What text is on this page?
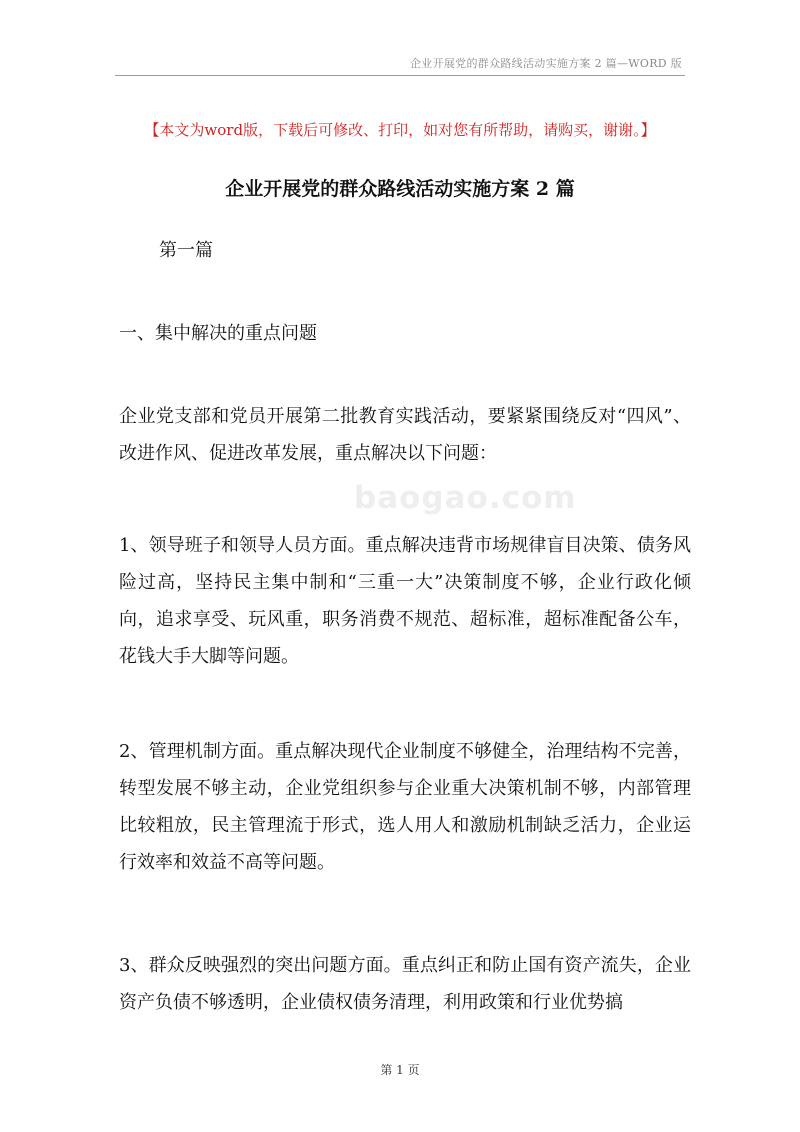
企业开展党的群众路线活动实施方案 2 篇—WORD 版
【本文为word版，下载后可修改、打印，如对您有所帮助，请购买，谢谢。】
企业开展党的群众路线活动实施方案 2 篇

第一篇

一、集中解决的重点问题

企业党支部和党员开展第二批教育实践活动，要紧紧围绕反对“四风”、改进作风、促进改革发展，重点解决以下问题：

baogao.com

1、领导班子和领导人员方面。重点解决违背市场规律盲目决策、债务风险过高，坚持民主集中制和“三重一大”决策制度不够，企业行政化倾向，追求享受、玩风重，职务消费不规范、超标准，超标准配备公车，花钱大手大脚等问题。

2、管理机制方面。重点解决现代企业制度不够健全，治理结构不完善，转型发展不够主动，企业党组织参与企业重大决策机制不够，内部管理比较粗放，民主管理流于形式，选人用人和激励机制缺乏活力，企业运行效率和效益不高等问题。

3、群众反映强烈的突出问题方面。重点纠正和防止国有资产流失，企业资产负债不够透明，企业债权债务清理，利用政策和行业优势搞

第 1 页
